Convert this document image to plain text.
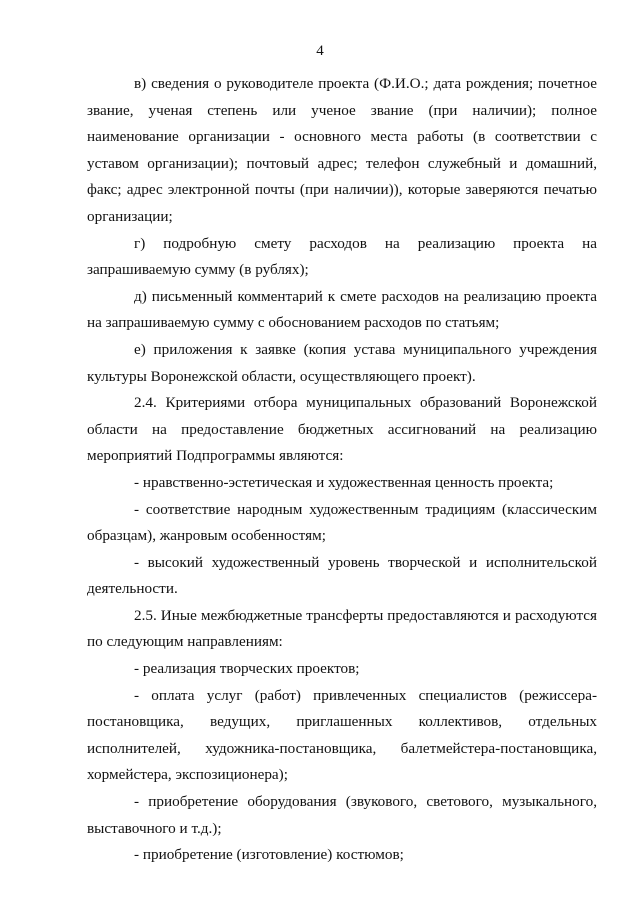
4

в) сведения о руководителе проекта (Ф.И.О.; дата рождения; почетное звание, ученая степень или ученое звание (при наличии); полное наименование организации - основного места работы (в соответствии с уставом организации); почтовый адрес; телефон служебный и домашний, факс; адрес электронной почты (при наличии)), которые заверяются печатью организации;

г) подробную смету расходов на реализацию проекта на запрашиваемую сумму (в рублях);

д) письменный комментарий к смете расходов на реализацию проекта на запрашиваемую сумму с обоснованием расходов по статьям;

е) приложения к заявке (копия устава муниципального учреждения культуры Воронежской области, осуществляющего проект).

2.4. Критериями отбора муниципальных образований Воронежской области на предоставление бюджетных ассигнований на реализацию мероприятий Подпрограммы являются:

- нравственно-эстетическая и художественная ценность проекта;

- соответствие народным художественным традициям (классическим образцам), жанровым особенностям;

- высокий художественный уровень творческой и исполнительской деятельности.

2.5. Иные межбюджетные трансферты предоставляются и расходуются по следующим направлениям:

- реализация творческих проектов;

- оплата услуг (работ) привлеченных специалистов (режиссера-постановщика, ведущих, приглашенных коллективов, отдельных исполнителей, художника-постановщика, балетмейстера-постановщика, хормейстера, экспозиционера);

- приобретение оборудования (звукового, светового, музыкального, выставочного и т.д.);

- приобретение (изготовление) костюмов;
